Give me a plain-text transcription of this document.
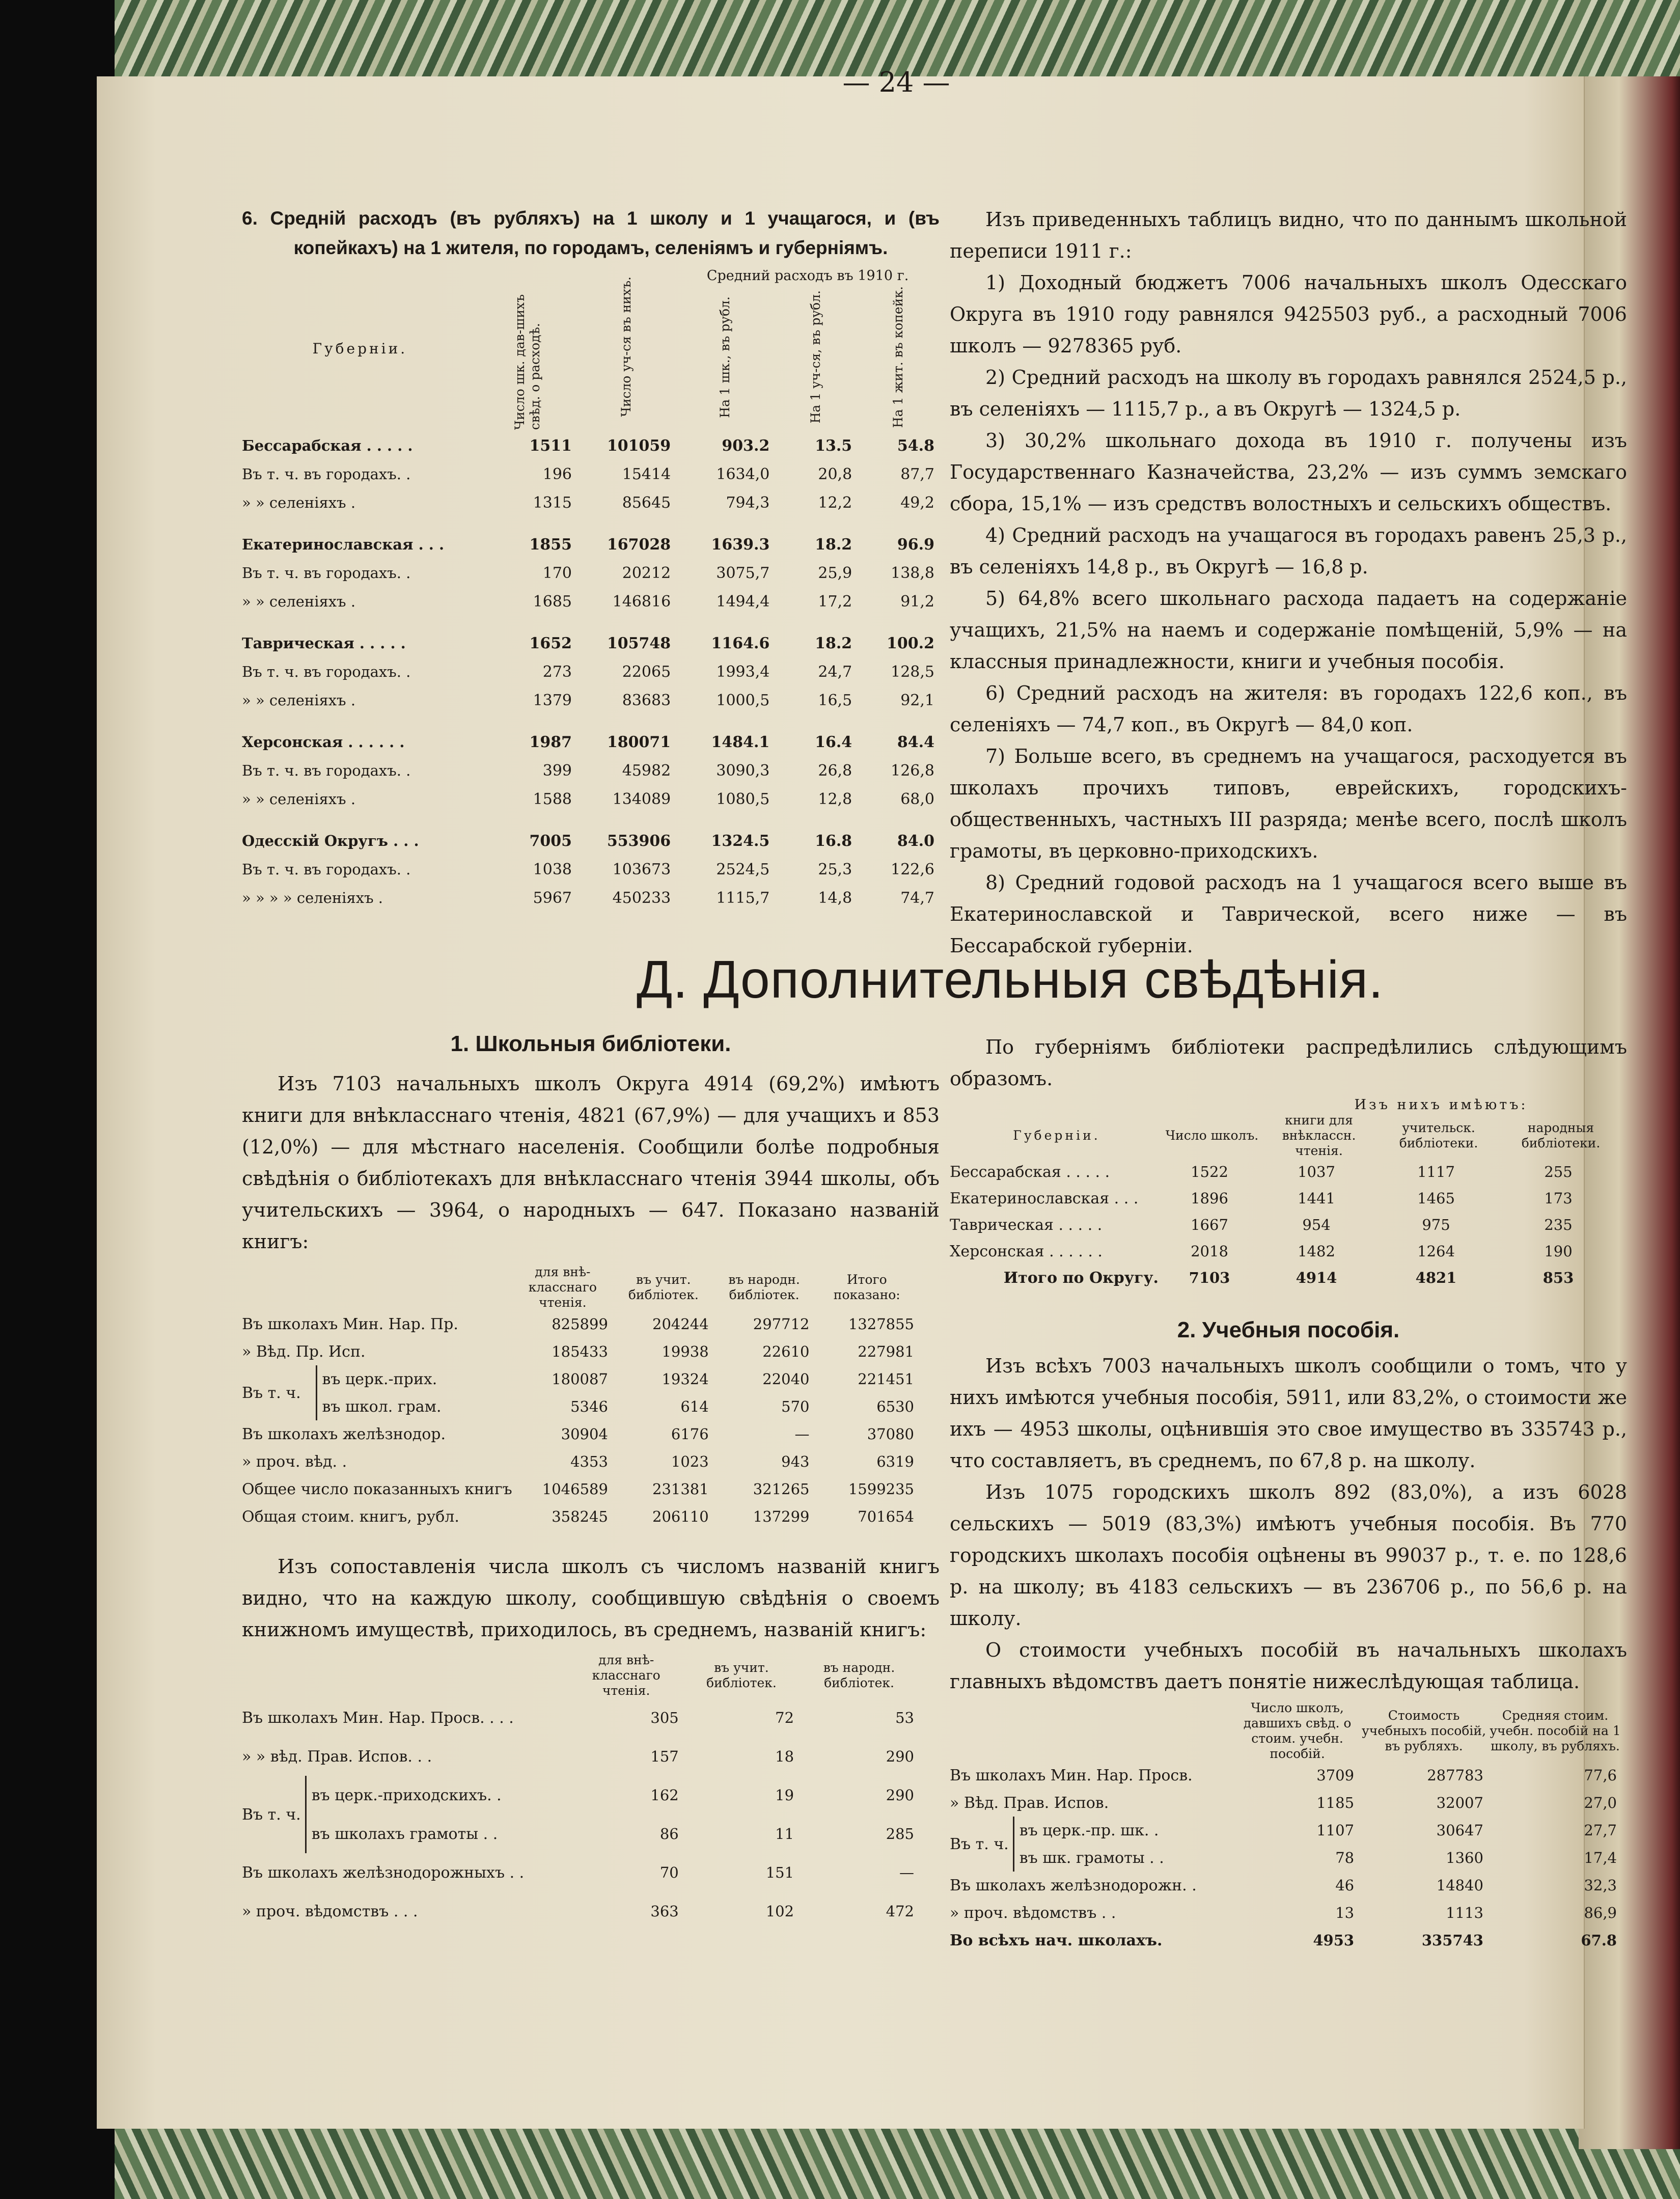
— 24 —

6. Среднiй расходъ (въ рубляхъ) на 1 школу и 1 учащагося, и (въ копейкахъ) на 1 жителя, по городамъ, селенiямъ и губернiямъ.

Губернiи.	Число шк. дав-шихъ свѣд. о расходѣ.	Число уч-ся въ нихъ.	Средний расходъ въ 1910 г.		
			На 1 шк., въ рубл.	На 1 уч-ся, въ рубл.	На 1 жит. въ копейк.
Бессарабская . . . . .	1511	101059	903.2	13.5	54.8
Въ т. ч. въ городахъ. .	196	15414	1634,0	20,8	87,7
» » селенiяхъ .	1315	85645	794,3	12,2	49,2

Екатеринославская . . .	1855	167028	1639.3	18.2	96.9
Въ т. ч. въ городахъ. .	170	20212	3075,7	25,9	138,8
» » селенiяхъ .	1685	146816	1494,4	17,2	91,2

Таврическая . . . . .	1652	105748	1164.6	18.2	100.2
Въ т. ч. въ городахъ. .	273	22065	1993,4	24,7	128,5
» » селенiяхъ .	1379	83683	1000,5	16,5	92,1

Херсонская . . . . . .	1987	180071	1484.1	16.4	84.4
Въ т. ч. въ городахъ. .	399	45982	3090,3	26,8	126,8
» » селенiяхъ .	1588	134089	1080,5	12,8	68,0

Одесскiй Округъ . . .	7005	553906	1324.5	16.8	84.0
Въ т. ч. въ городахъ. .	1038	103673	2524,5	25,3	122,6
» » » » селенiяхъ .	5967	450233	1115,7	14,8	74,7

Изъ приведенныхъ таблицъ видно, что по даннымъ школьной переписи 1911 г.:

1) Доходный бюджетъ 7006 начальныхъ школъ Одесскаго Округа въ 1910 году равнялся 9425503 руб., а расходный 7006 школъ — 9278365 руб.

2) Средний расходъ на школу въ городахъ равнялся 2524,5 р., въ селенiяхъ — 1115,7 р., а въ Округѣ — 1324,5 р.

3) 30,2% школьнаго дохода въ 1910 г. получены изъ Государственнаго Казначейства, 23,2% — изъ суммъ земскаго сбора, 15,1% — изъ средствъ волостныхъ и сельскихъ обществъ.

4) Средний расходъ на учащагося въ городахъ равенъ 25,3 р., въ селенiяхъ 14,8 р., въ Округѣ — 16,8 р.

5) 64,8% всего школьнаго расхода падаетъ на содержанiе учащихъ, 21,5% на наемъ и содержанiе помѣщенiй, 5,9% — на классныя принадлежности, книги и учебныя пособiя.

6) Средний расходъ на жителя: въ городахъ 122,6 коп., въ селенiяхъ — 74,7 коп., въ Округѣ — 84,0 коп.

7) Больше всего, въ среднемъ на учащагося, расходуется въ школахъ прочихъ типовъ, еврейскихъ, городскихъ-общественныхъ, частныхъ III разряда; менѣе всего, послѣ школъ грамоты, въ церковно-приходскихъ.

8) Средний годовой расходъ на 1 учащагося всего выше въ Екатеринославской и Таврической, всего ниже — въ Бессарабской губернiи.

Д. Дополнительныя свѣдѣнiя.
1. Школьныя библiотеки.

Изъ 7103 начальныхъ школъ Округа 4914 (69,2%) имѣютъ книги для внѣкласснаго чтенiя, 4821 (67,9%) — для учащихъ и 853 (12,0%) — для мѣстнаго населенiя. Сообщили болѣе подробныя свѣдѣнiя о библiотекахъ для внѣкласснаго чтенiя 3944 школы, объ учительскихъ — 3964, о народныхъ — 647. Показано названiй книгъ:

		для внѣ-класснаго чтенiя.	въ учит. библiотек.	въ народн. библiотек.	Итого показано:
Въ школахъ Мин. Нар. Пр.		825899	204244	297712	1327855
» Вѣд. Пр. Исп.		185433	19938	22610	227981
Въ т. ч.	въ церк.-прих.	180087	19324	22040	221451
	въ школ. грам.	5346	614	570	6530
Въ школахъ желѣзнодор.		30904	6176	—	37080
» проч. вѣд. .		4353	1023	943	6319
Общее число показанныхъ книгъ		1046589	231381	321265	1599235
Общая стоим. книгъ, рубл.		358245	206110	137299	701654

Изъ сопоставленiя числа школъ съ числомъ названiй книгъ видно, что на каждую школу, сообщившую свѣдѣнiя о своемъ книжномъ имуществѣ, приходилось, въ среднемъ, названiй книгъ:

		для внѣ-класснаго чтенiя.	въ учит. библiотек.	въ народн. библiотек.
Въ школахъ Мин. Нар. Просв. . . .		305	72	53
» » вѣд. Прав. Испов. . .		157	18	290
Въ т. ч.	въ церк.-приходскихъ. .	162	19	290
	въ школахъ грамоты . .	86	11	285
Въ школахъ желѣзнодорожныхъ . .		70	151	—
» проч. вѣдомствъ . . .		363	102	472

По губернiямъ библiотеки распредѣлились слѣдующимъ образомъ.

		Изъ нихъ имѣютъ:		
Губернiи.	Число школъ.	книги для внѣклассн. чтенiя.	учительск. библiотеки.	народныя библiотеки.
Бессарабская . . . . .	1522	1037	1117	255
Екатеринославская . . .	1896	1441	1465	173
Таврическая . . . . .	1667	954	975	235
Херсонская . . . . . .	2018	1482	1264	190
Итого по Округу.	7103	4914	4821	853
2. Учебныя пособiя.

Изъ всѣхъ 7003 начальныхъ школъ сообщили о томъ, что у нихъ имѣются учебныя пособiя, 5911, или 83,2%, о стоимости же ихъ — 4953 школы, оцѣнившiя это свое имущество въ 335743 р., что составляетъ, въ среднемъ, по 67,8 р. на школу.

Изъ 1075 городскихъ школъ 892 (83,0%), а изъ 6028 сельскихъ — 5019 (83,3%) имѣютъ учебныя пособiя. Въ 770 городскихъ школахъ пособiя оцѣнены въ 99037 р., т. е. по 128,6 р. на школу; въ 4183 сельскихъ — въ 236706 р., по 56,6 р. на школу.

О стоимости учебныхъ пособiй въ начальныхъ школахъ главныхъ вѣдомствъ даетъ понятiе нижеслѣдующая таблица.

		Число школъ, давшихъ свѣд. о стоим. учебн. пособiй.	Стоимость учебныхъ пособiй, въ рубляхъ.	Средняя стоим. учебн. пособiй на 1 школу, въ рубляхъ.
Въ школахъ Мин. Нар. Просв.		3709	287783	77,6
» Вѣд. Прав. Испов.		1185	32007	27,0
Въ т. ч.	въ церк.-пр. шк. .	1107	30647	27,7
	въ шк. грамоты . .	78	1360	17,4
Въ школахъ желѣзнодорожн. .		46	14840	32,3
» проч. вѣдомствъ . .		13	1113	86,9
Во всѣхъ нач. школахъ.		4953	335743	67.8
